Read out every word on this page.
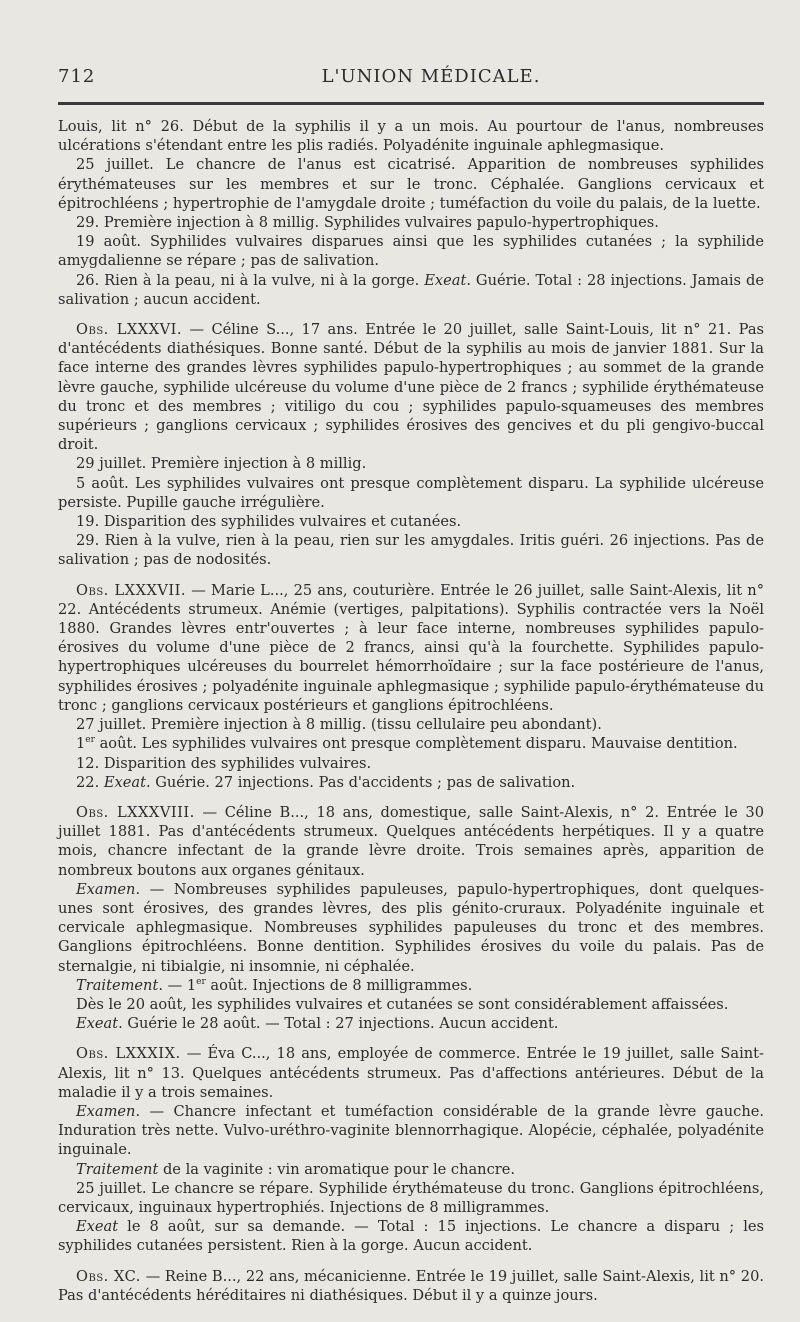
712	L'UNION MÉDICALE.

Louis, lit n° 26. Début de la syphilis il y a un mois. Au pourtour de l'anus, nombreuses ulcérations s'étendant entre les plis radiés. Polyadénite inguinale aphlegmasique.

25 juillet. Le chancre de l'anus est cicatrisé. Apparition de nombreuses syphilides érythémateuses sur les membres et sur le tronc. Céphalée. Ganglions cervicaux et épitrochléens ; hypertrophie de l'amygdale droite ; tuméfaction du voile du palais, de la luette.

29. Première injection à 8 millig. Syphilides vulvaires papulo-hypertrophiques.

19 août. Syphilides vulvaires disparues ainsi que les syphilides cutanées ; la syphilide amygdalienne se répare ; pas de salivation.

26. Rien à la peau, ni à la vulve, ni à la gorge. Exeat. Guérie. Total : 28 injections. Jamais de salivation ; aucun accident.

Obs. LXXXVI. — Céline S..., 17 ans. Entrée le 20 juillet, salle Saint-Louis, lit n° 21. Pas d'antécédents diathésiques. Bonne santé. Début de la syphilis au mois de janvier 1881. Sur la face interne des grandes lèvres syphilides papulo-hypertrophiques ; au sommet de la grande lèvre gauche, syphilide ulcéreuse du volume d'une pièce de 2 francs ; syphilide érythémateuse du tronc et des membres ; vitiligo du cou ; syphilides papulo-squameuses des membres supérieurs ; ganglions cervicaux ; syphilides érosives des gencives et du pli gengivo-buccal droit.

29 juillet. Première injection à 8 millig.

5 août. Les syphilides vulvaires ont presque complètement disparu. La syphilide ulcéreuse persiste. Pupille gauche irrégulière.

19. Disparition des syphilides vulvaires et cutanées.

29. Rien à la vulve, rien à la peau, rien sur les amygdales. Iritis guéri. 26 injections. Pas de salivation ; pas de nodosités.

Obs. LXXXVII. — Marie L..., 25 ans, couturière. Entrée le 26 juillet, salle Saint-Alexis, lit n° 22. Antécédents strumeux. Anémie (vertiges, palpitations). Syphilis contractée vers la Noël 1880. Grandes lèvres entr'ouvertes ; à leur face interne, nombreuses syphilides papulo-érosives du volume d'une pièce de 2 francs, ainsi qu'à la fourchette. Syphilides papulo-hypertrophiques ulcéreuses du bourrelet hémorrhoïdaire ; sur la face postérieure de l'anus, syphilides érosives ; polyadénite inguinale aphlegmasique ; syphilide papulo-érythémateuse du tronc ; ganglions cervicaux postérieurs et ganglions épitrochléens.

27 juillet. Première injection à 8 millig. (tissu cellulaire peu abondant).

1er août. Les syphilides vulvaires ont presque complètement disparu. Mauvaise dentition.

12. Disparition des syphilides vulvaires.

22. Exeat. Guérie. 27 injections. Pas d'accidents ; pas de salivation.

Obs. LXXXVIII. — Céline B..., 18 ans, domestique, salle Saint-Alexis, n° 2. Entrée le 30 juillet 1881. Pas d'antécédents strumeux. Quelques antécédents herpétiques. Il y a quatre mois, chancre infectant de la grande lèvre droite. Trois semaines après, apparition de nombreux boutons aux organes génitaux.

Examen. — Nombreuses syphilides papuleuses, papulo-hypertrophiques, dont quelques-unes sont érosives, des grandes lèvres, des plis génito-cruraux. Polyadénite inguinale et cervicale aphlegmasique. Nombreuses syphilides papuleuses du tronc et des membres. Ganglions épitrochléens. Bonne dentition. Syphilides érosives du voile du palais. Pas de sternalgie, ni tibialgie, ni insomnie, ni céphalée.

Traitement. — 1er août. Injections de 8 milligrammes.

Dès le 20 août, les syphilides vulvaires et cutanées se sont considérablement affaissées.

Exeat. Guérie le 28 août. — Total : 27 injections. Aucun accident.

Obs. LXXXIX. — Éva C..., 18 ans, employée de commerce. Entrée le 19 juillet, salle Saint-Alexis, lit n° 13. Quelques antécédents strumeux. Pas d'affections antérieures. Début de la maladie il y a trois semaines.

Examen. — Chancre infectant et tuméfaction considérable de la grande lèvre gauche. Induration très nette. Vulvo-uréthro-vaginite blennorrhagique. Alopécie, céphalée, polyadénite inguinale.

Traitement de la vaginite : vin aromatique pour le chancre.

25 juillet. Le chancre se répare. Syphilide érythémateuse du tronc. Ganglions épitrochléens, cervicaux, inguinaux hypertrophiés. Injections de 8 milligrammes.

Exeat le 8 août, sur sa demande. — Total : 15 injections. Le chancre a disparu ; les syphilides cutanées persistent. Rien à la gorge. Aucun accident.

Obs. XC. — Reine B..., 22 ans, mécanicienne. Entrée le 19 juillet, salle Saint-Alexis, lit n° 20. Pas d'antécédents héréditaires ni diathésiques. Début il y a quinze jours.
